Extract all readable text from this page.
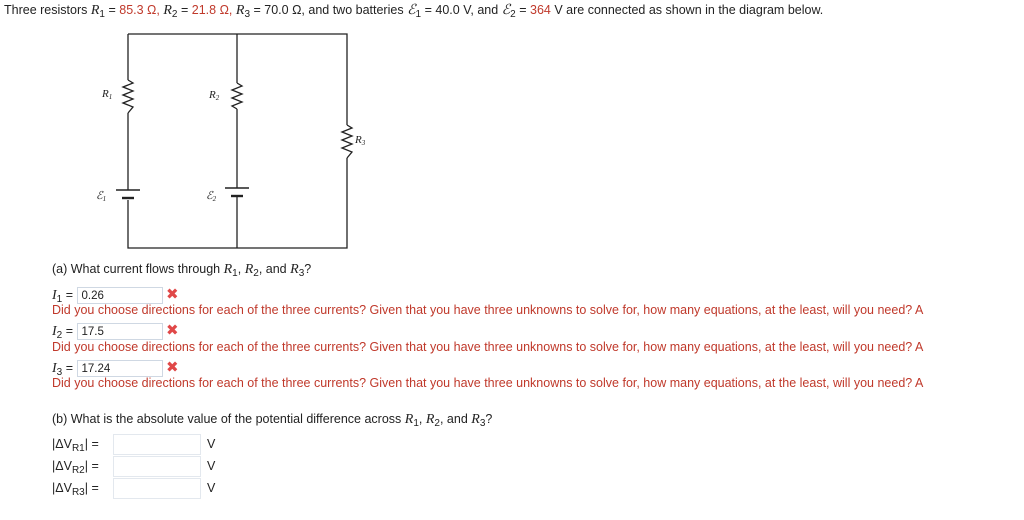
Three resistors $R_1 = 85.3$ Ω, $R_2 = 21.8$ Ω, $R_3 = 70.0$ Ω, and two batteries ℰ$_1$ = 40.0 V, and ℰ$_2$ = 364 V are connected as shown in the diagram below.
R1	R2
R3
ℰ1	ℰ2
(a) What current flows through $R_1$, $R_2$, and $R_3$?
$I_1 = 0.26$	✖
Did you choose directions for each of the three currents? Given that you have three unknowns to solve for, how many equations, at the least, will you need? A
$I_2 = 17.5$	✖
Did you choose directions for each of the three currents? Given that you have three unknowns to solve for, how many equations, at the least, will you need? A
$I_3 = 17.24$	✖
Did you choose directions for each of the three currents? Given that you have three unknowns to solve for, how many equations, at the least, will you need? A
(b) What is the absolute value of the potential difference across $R_1$, $R_2$, and $R_3$?
$|\Delta V_{R1}|$ =	V
$|\Delta V_{R2}|$ =	V
$|\Delta V_{R3}|$ =	V
